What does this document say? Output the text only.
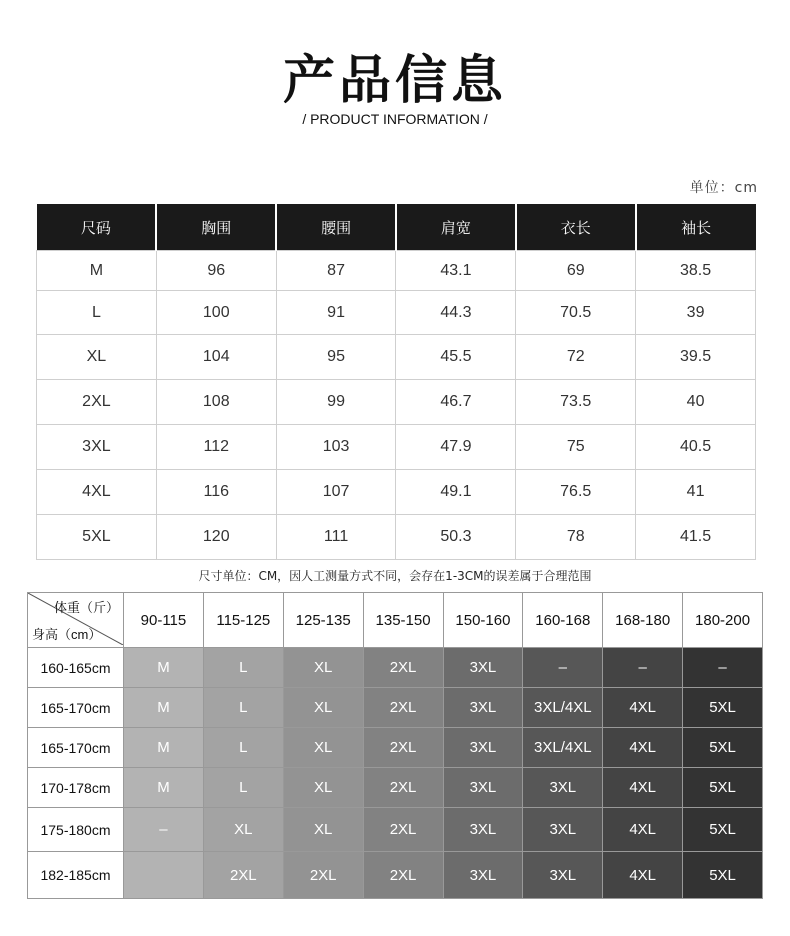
产品信息
/ PRODUCT INFORMATION /
单位：cm
尺码	胸围	腰围	肩宽	衣长	袖长
M	96	87	43.1	69	38.5
L	100	91	44.3	70.5	39
XL	104	95	45.5	72	39.5
2XL	108	99	46.7	73.5	40
3XL	112	103	47.9	75	40.5
4XL	116	107	49.1	76.5	41
5XL	120	111	50.3	78	41.5
尺寸单位：CM，因人工测量方式不同，会存在1-3CM的误差属于合理范围
体重（斤）
身高（cm）	90-115	115-125	125-135	135-150	150-160	160-168	168-180	180-200
160-165cm	M	L	XL	2XL	3XL	–	–	–
165-170cm	M	L	XL	2XL	3XL	3XL/4XL	4XL	5XL
165-170cm	M	L	XL	2XL	3XL	3XL/4XL	4XL	5XL
170-178cm	M	L	XL	2XL	3XL	3XL	4XL	5XL
175-180cm	–	XL	XL	2XL	3XL	3XL	4XL	5XL
182-185cm		2XL	2XL	2XL	3XL	3XL	4XL	5XL
